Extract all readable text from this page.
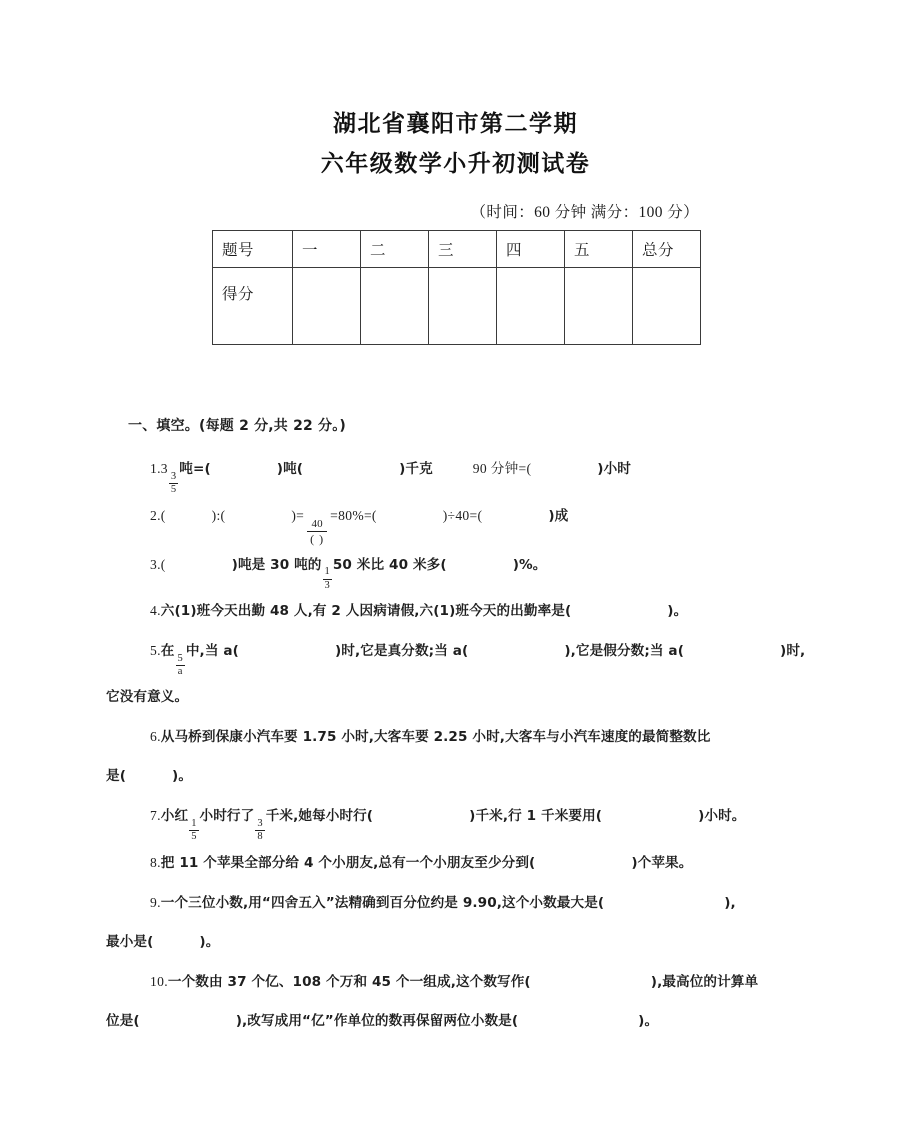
湖北省襄阳市第二学期
六年级数学小升初测试卷
（时间：60 分钟 满分：100 分）
题号	一	二	三	四	五	总分
得分						
一、填空。(每题 2 分,共 22 分。)
1.3
$\frac{3}{5}$
吨=(	)吨(	)千克	90 分钟=(	)小时
2.(	):(	)=
$\frac{40}{( )}$
=80%=(	)÷40=(	)成
3.(	)吨是 30 吨的
$\frac{1}{3}$
50 米比 40 米多(	)%。
4.六(1)班今天出勤 48 人,有 2 人因病请假,六(1)班今天的出勤率是(	)。
5.在
$\frac{5}{a}$
中,当 a(	)时,它是真分数;当 a(	),它是假分数;当 a(	)时,
它没有意义。
6.从马桥到保康小汽车要 1.75 小时,大客车要 2.25 小时,大客车与小汽车速度的最简整数比
是(	)。
7.小红
$\frac{1}{5}$
小时行了
$\frac{3}{8}$
千米,她每小时行(	)千米,行 1 千米要用(	)小时。
8.把 11 个苹果全部分给 4 个小朋友,总有一个小朋友至少分到(	)个苹果。
9.一个三位小数,用“四舍五入”法精确到百分位约是 9.90,这个小数最大是(	),
最小是(	)。
10.一个数由 37 个亿、108 个万和 45 个一组成,这个数写作(	),最高位的计算单
位是(	),改写成用“亿”作单位的数再保留两位小数是(	)。
